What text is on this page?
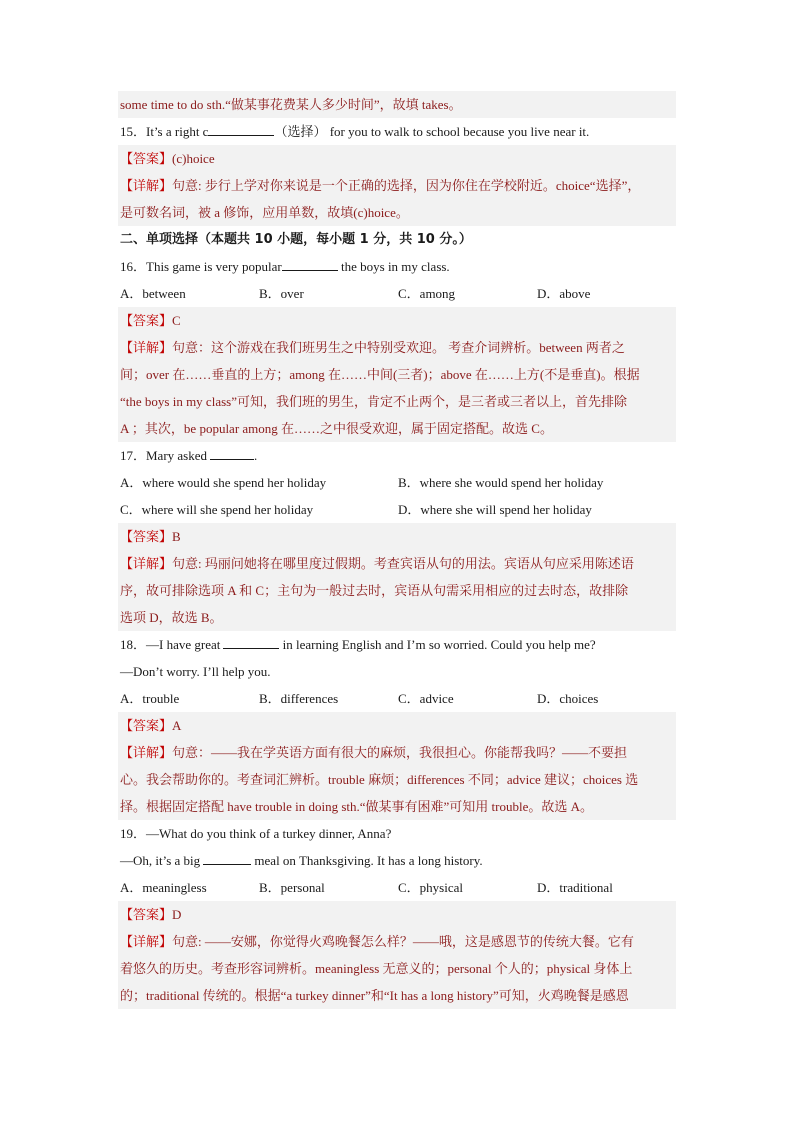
some time to do sth.“做某事花费某人多少时间”，故填 takes。
15．It’s a right c	（选择） for you to walk to school because you live near it.
【答案】(c)hoice
【详解】句意: 步行上学对你来说是一个正确的选择，因为你住在学校附近。choice“选择”，
是可数名词，被 a 修饰，应用单数，故填(c)hoice。
二、单项选择（本题共 10 小题，每小题 1 分，共 10 分。）
16．This game is very popular	the boys in my class.
A．between	B．over	C．among	D．above
【答案】C
【详解】句意：这个游戏在我们班男生之中特别受欢迎。 考查介词辨析。between 两者之
间；over 在……垂直的上方；among 在……中间(三者)；above 在……上方(不是垂直)。根据
“the boys in my class”可知，我们班的男生，肯定不止两个，是三者或三者以上，首先排除
A ；其次，be popular among 在……之中很受欢迎，属于固定搭配。故选 C。
17．Mary asked	.
A．where would she spend her holiday	B．where she would spend her holiday
C．where will she spend her holiday	D．where she will spend her holiday
【答案】B
【详解】句意: 玛丽问她将在哪里度过假期。考查宾语从句的用法。宾语从句应采用陈述语
序，故可排除选项 A 和 C；主句为一般过去时，宾语从句需采用相应的过去时态，故排除
选项 D，故选 B。
18．—I have great	in learning English and I’m so worried. Could you help me?
—Don’t worry. I’ll help you.
A．trouble	B．differences	C．advice	D．choices
【答案】A
【详解】句意：——我在学英语方面有很大的麻烦，我很担心。你能帮我吗？——不要担
心。我会帮助你的。考查词汇辨析。trouble 麻烦；differences 不同；advice 建议；choices 选
择。根据固定搭配 have trouble in doing sth.“做某事有困难”可知用 trouble。故选 A。
19．—What do you think of a turkey dinner, Anna?
—Oh, it’s a big	meal on Thanksgiving. It has a long history.
A．meaningless	B．personal	C．physical	D．traditional
【答案】D
【详解】句意: ——安娜，你觉得火鸡晚餐怎么样？——哦，这是感恩节的传统大餐。它有
着悠久的历史。考查形容词辨析。meaningless 无意义的；personal 个人的；physical 身体上
的；traditional 传统的。根据“a turkey dinner”和“It has a long history”可知，火鸡晚餐是感恩
